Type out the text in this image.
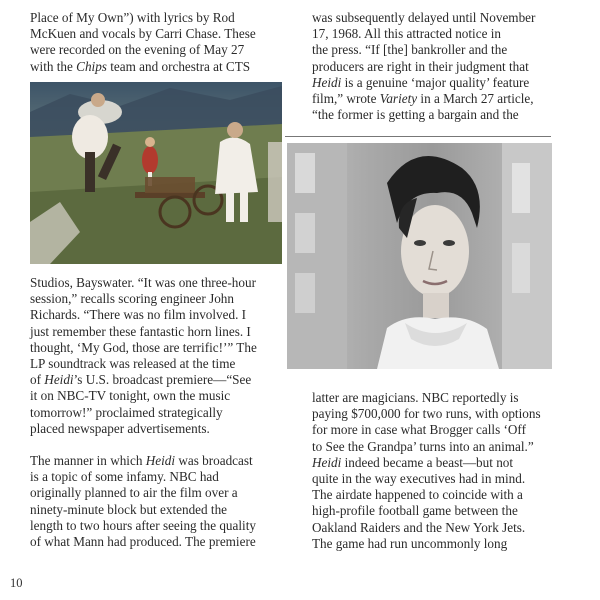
Place of My Own”) with lyrics by Rod

McKuen and vocals by Carri Chase. These

were recorded on the evening of May 27

with the Chips team and orchestra at CTS

Studios, Bayswater. “It was one three-hour

session,” recalls scoring engineer John

Richards. “There was no film involved. I

just remember these fantastic horn lines. I

thought, ‘My God, those are terrific!’” The

LP soundtrack was released at the time

of Heidi’s U.S. broadcast premiere—“See

it on NBC-TV tonight, own the music

tomorrow!” proclaimed strategically

placed newspaper advertisements.

The manner in which Heidi was broadcast

is a topic of some infamy. NBC had

originally planned to air the film over a

ninety-minute block but extended the

length to two hours after seeing the quality

of what Mann had produced. The premiere

was subsequently delayed until November

17, 1968. All this attracted notice in

the press. “If [the] bankroller and the

producers are right in their judgment that

Heidi is a genuine ‘major quality’ feature

film,” wrote Variety in a March 27 article,

“the former is getting a bargain and the

latter are magicians. NBC reportedly is

paying $700,000 for two runs, with options

for more in case what Brogger calls ‘Off

to See the Grandpa’ turns into an animal.”

Heidi indeed became a beast—but not

quite in the way executives had in mind.

The airdate happened to coincide with a

high-profile football game between the

Oakland Raiders and the New York Jets.

The game had run uncommonly long

10
